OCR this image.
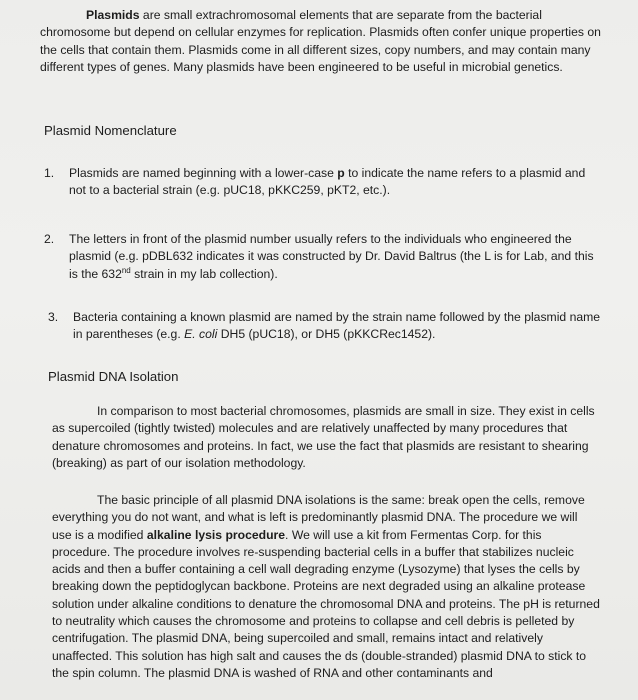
Plasmids are small extrachromosomal elements that are separate from the bacterial chromosome but depend on cellular enzymes for replication. Plasmids often confer unique properties on the cells that contain them. Plasmids come in all different sizes, copy numbers, and may contain many different types of genes. Many plasmids have been engineered to be useful in microbial genetics.

Plasmid Nomenclature
1.	Plasmids are named beginning with a lower-case p to indicate the name refers to a plasmid and not to a bacterial strain (e.g. pUC18, pKKC259, pKT2, etc.).
2.	The letters in front of the plasmid number usually refers to the individuals who engineered the plasmid (e.g. pDBL632 indicates it was constructed by Dr. David Baltrus (the L is for Lab, and this is the 632nd strain in my lab collection).
3.	Bacteria containing a known plasmid are named by the strain name followed by the plasmid name in parentheses (e.g. E. coli DH5 (pUC18), or DH5 (pKKCRec1452).
Plasmid DNA Isolation

In comparison to most bacterial chromosomes, plasmids are small in size. They exist in cells as supercoiled (tightly twisted) molecules and are relatively unaffected by many procedures that denature chromosomes and proteins. In fact, we use the fact that plasmids are resistant to shearing (breaking) as part of our isolation methodology.

The basic principle of all plasmid DNA isolations is the same: break open the cells, remove everything you do not want, and what is left is predominantly plasmid DNA. The procedure we will use is a modified alkaline lysis procedure. We will use a kit from Fermentas Corp. for this procedure. The procedure involves re-suspending bacterial cells in a buffer that stabilizes nucleic acids and then a buffer containing a cell wall degrading enzyme (Lysozyme) that lyses the cells by breaking down the peptidoglycan backbone. Proteins are next degraded using an alkaline protease solution under alkaline conditions to denature the chromosomal DNA and proteins. The pH is returned to neutrality which causes the chromosome and proteins to collapse and cell debris is pelleted by centrifugation. The plasmid DNA, being supercoiled and small, remains intact and relatively unaffected. This solution has high salt and causes the ds (double-stranded) plasmid DNA to stick to the spin column. The plasmid DNA is washed of RNA and other contaminants and
